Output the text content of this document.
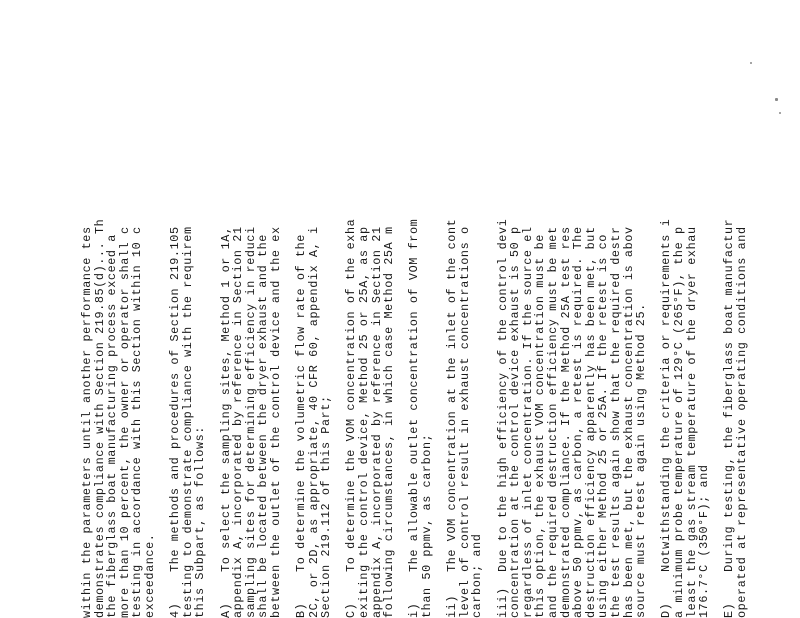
within the parameters until another performance tes
demonstrates compliance with Section 219.85(d)... Th
the fiberglass boat manufacturing process exceed a
more than 10 percent, the owner or operator shall c
testing in accordance with this Section within 10 c
exceedance. 4)    The methods and procedures of Section 219.105
testing to demonstrate compliance with the requirem
this Subpart, as follows: A)    To select the sampling sites, Method 1 or 1A,
appendix A, incorporated by reference in Section 21
sampling sites for determining efficiency in reduci
shall be located between the dryer exhaust and the
between the outlet of the control device and the ex B)    To determine the volumetric flow rate of the
2C, or 2D, as appropriate, 40 CFR 60, appendix A, i
Section 219.112 of this Part; C)    To determine the VOM concentration of the exha
exiting the control device, Method 25 or 25A, as ap
appendix A, incorporated by reference in Section 21
following circumstances, in which case Method 25A m i)    The allowable outlet concentration of VOM from
than 50 ppmv, as carbon; ii)   The VOM concentration at the inlet of the cont
level of control result in exhaust concentrations o
carbon; and iii)  Due to the high efficiency of the control devi
concentration at the control device exhaust is 50 p
regardless of inlet concentration. If the source el
this option, the exhaust VOM concentration must be
and the required destruction efficiency must be met
demonstrated compliance. If the Method 25A test res
above 50 ppmv, as carbon, a retest is required. The
destruction efficiency apparently has been met, but
using either Method 25 or 25A. If the retest is co
the test results again show that the required destr
has been met, but the exhaust concentration is abov
source must retest again using Method 25. D)    Notwithstanding the criteria or requirements i
a minimum probe temperature of 129°C (265°F), the p
least the gas stream temperature of the dryer exhau
176.7°C (350°F); and E)    During testing, the fiberglass boat manufactur
operated at representative operating conditions and
